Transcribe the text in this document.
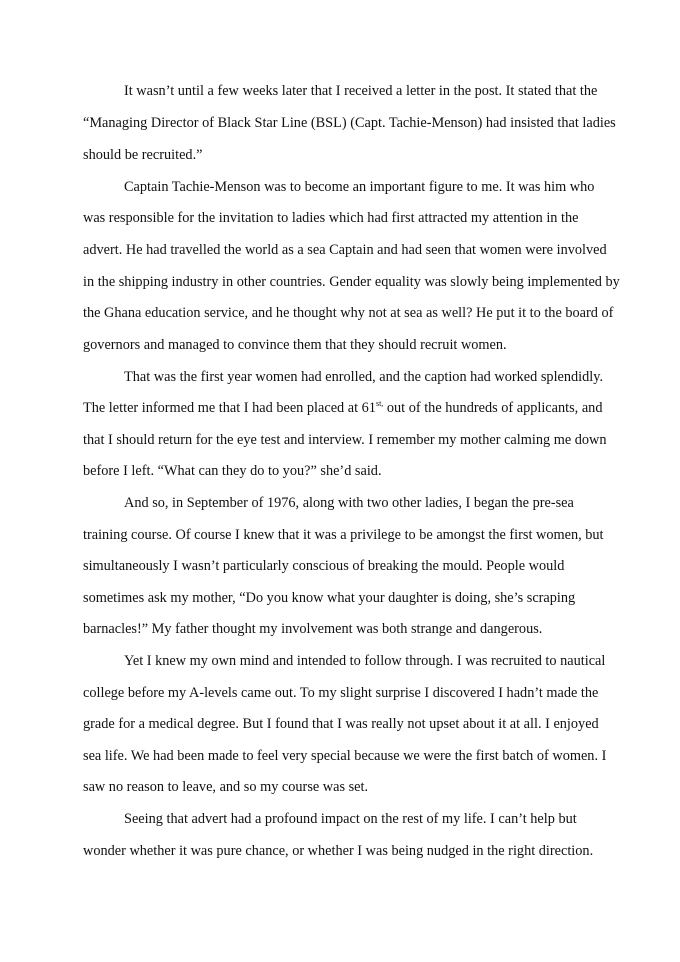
It wasn’t until a few weeks later that I received a letter in the post. It stated that the
“Managing Director of Black Star Line (BSL) (Capt. Tachie-Menson) had insisted that ladies
should be recruited.”
Captain Tachie-Menson was to become an important figure to me. It was him who
was responsible for the invitation to ladies which had first attracted my attention in the
advert. He had travelled the world as a sea Captain and had seen that women were involved
in the shipping industry in other countries. Gender equality was slowly being implemented by
the Ghana education service, and he thought why not at sea as well? He put it to the board of
governors and managed to convince them that they should recruit women.
That was the first year women had enrolled, and the caption had worked splendidly.
The letter informed me that I had been placed at $61^{st,}$ out of the hundreds of applicants, and
that I should return for the eye test and interview. I remember my mother calming me down
before I left. “What can they do to you?” she’d said.
And so, in September of 1976, along with two other ladies, I began the pre-sea
training course. Of course I knew that it was a privilege to be amongst the first women, but
simultaneously I wasn’t particularly conscious of breaking the mould. People would
sometimes ask my mother, “Do you know what your daughter is doing, she’s scraping
barnacles!” My father thought my involvement was both strange and dangerous.
Yet I knew my own mind and intended to follow through. I was recruited to nautical
college before my A-levels came out. To my slight surprise I discovered I hadn’t made the
grade for a medical degree. But I found that I was really not upset about it at all. I enjoyed
sea life. We had been made to feel very special because we were the first batch of women. I
saw no reason to leave, and so my course was set.
Seeing that advert had a profound impact on the rest of my life. I can’t help but
wonder whether it was pure chance, or whether I was being nudged in the right direction.
